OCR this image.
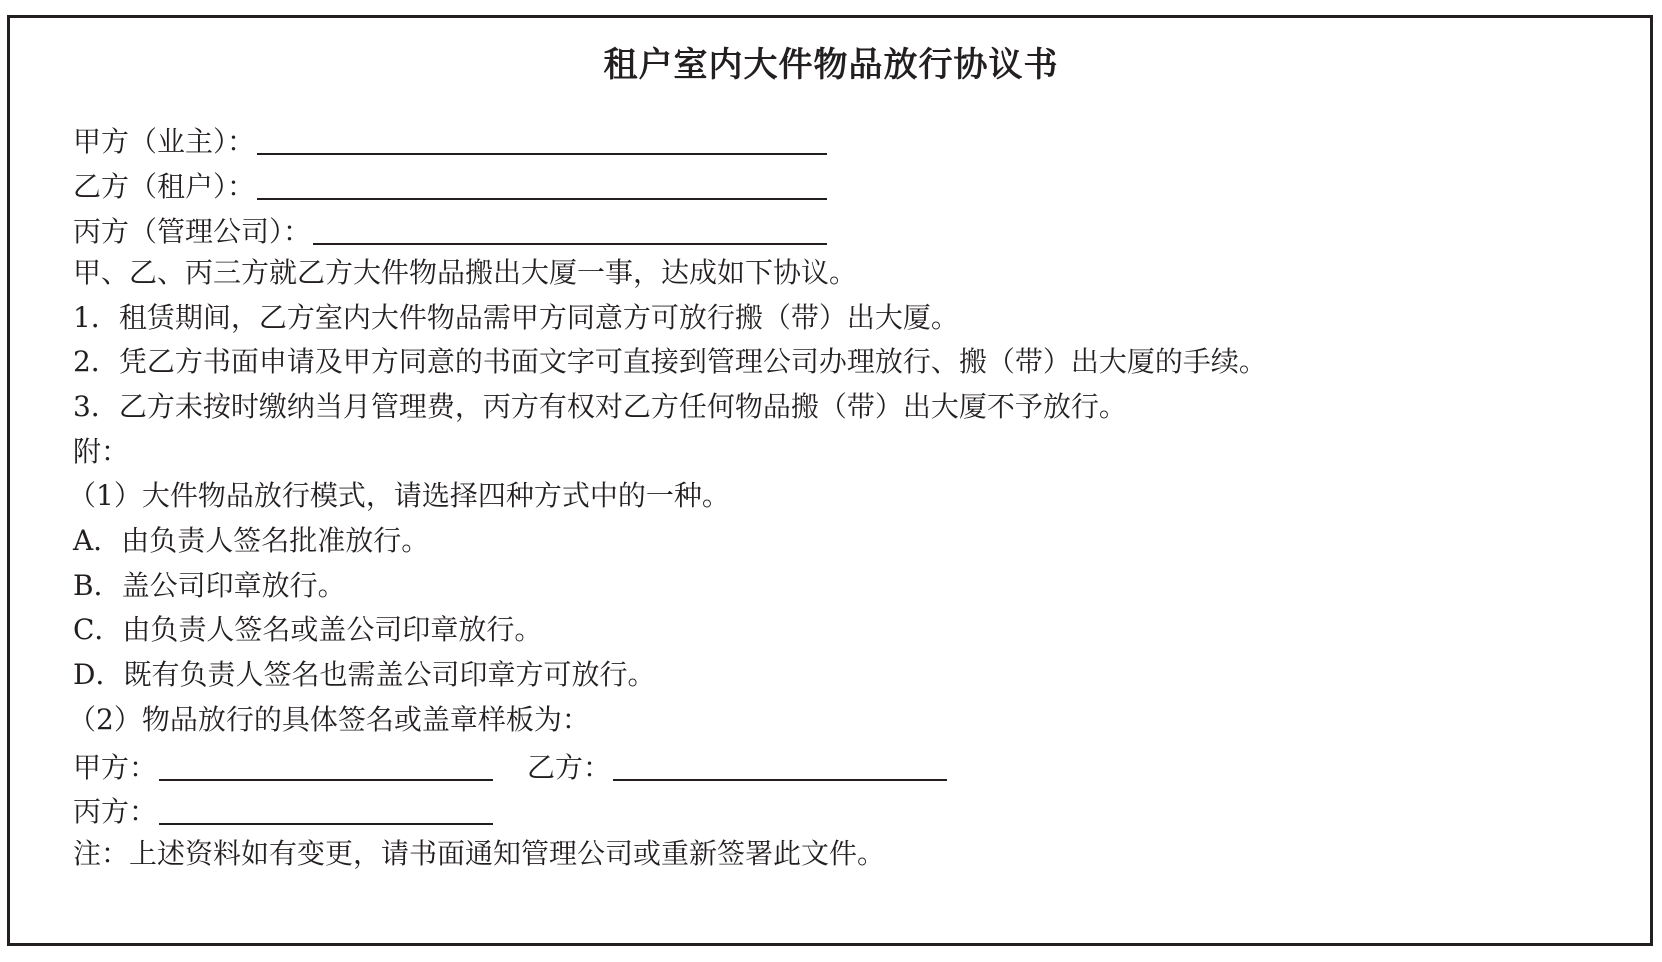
租户室内大件物品放行协议书
甲方（业主）：
乙方（租户）：
丙方（管理公司）：
甲、乙、丙三方就乙方大件物品搬出大厦一事，达成如下协议。
1．租赁期间，乙方室内大件物品需甲方同意方可放行搬（带）出大厦。
2．凭乙方书面申请及甲方同意的书面文字可直接到管理公司办理放行、搬（带）出大厦的手续。
3．乙方未按时缴纳当月管理费，丙方有权对乙方任何物品搬（带）出大厦不予放行。
附：
（1）大件物品放行模式，请选择四种方式中的一种。
A．由负责人签名批准放行。
B．盖公司印章放行。
C．由负责人签名或盖公司印章放行。
D．既有负责人签名也需盖公司印章方可放行。
（2）物品放行的具体签名或盖章样板为：
甲方：	乙方：
丙方：
注：上述资料如有变更，请书面通知管理公司或重新签署此文件。
